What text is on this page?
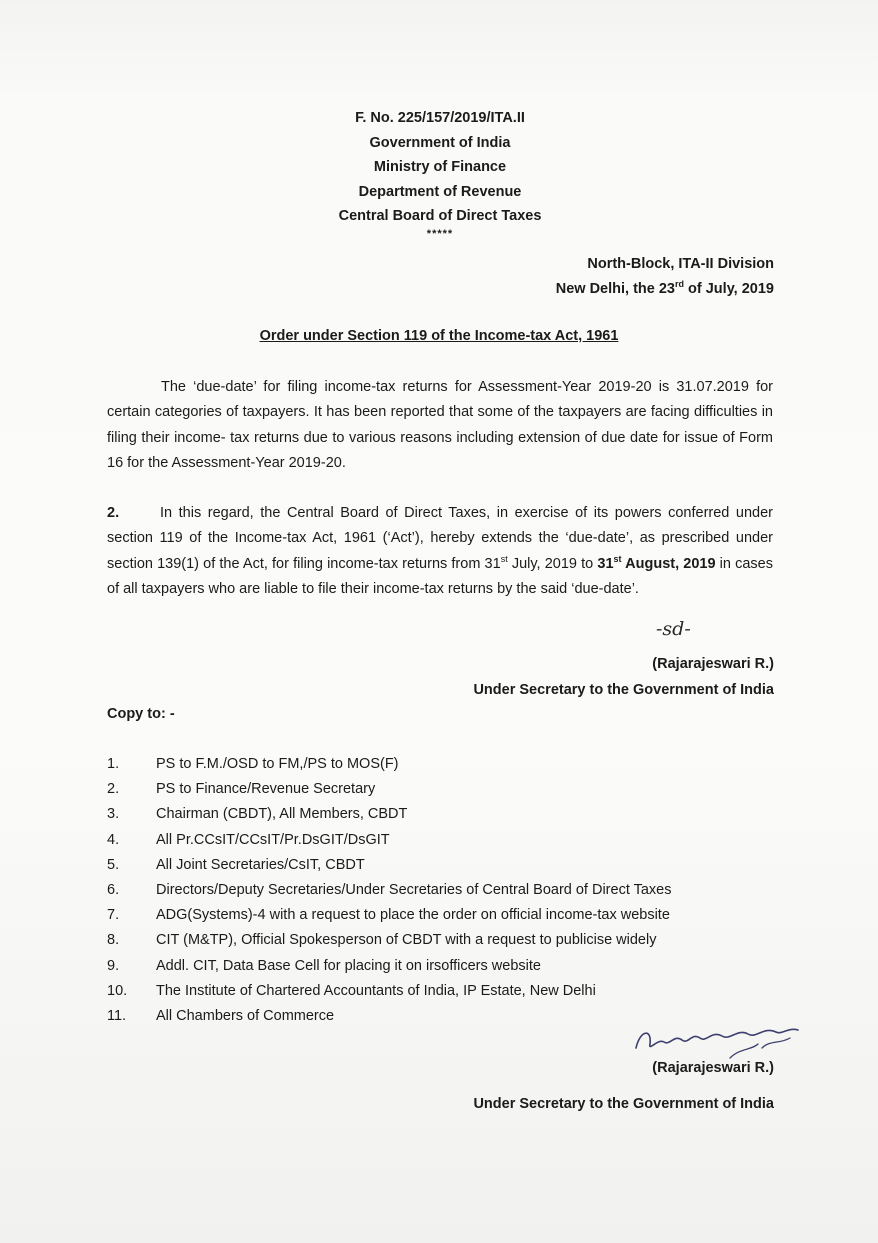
F. No. 225/157/2019/ITA.II
Government of India
Ministry of Finance
Department of Revenue
Central Board of Direct Taxes
*****
North-Block, ITA-II Division
New Delhi, the 23rd of July, 2019
Order under Section 119 of the Income-tax Act, 1961
The ‘due-date’ for filing income-tax returns for Assessment-Year 2019-20 is 31.07.2019 for certain categories of taxpayers. It has been reported that some of the taxpayers are facing difficulties in filing their income- tax returns due to various reasons including extension of due date for issue of Form 16 for the Assessment-Year 2019-20.
2.	In this regard, the Central Board of Direct Taxes, in exercise of its powers conferred under section 119 of the Income-tax Act, 1961 (‘Act’), hereby extends the ‘due-date’, as prescribed under section 139(1) of the Act, for filing income-tax returns from 31st July, 2019 to 31st August, 2019 in cases of all taxpayers who are liable to file their income-tax returns by the said ‘due-date’.
-sd-
(Rajarajeswari R.)
Under Secretary to the Government of India
Copy to: -
1.	PS to F.M./OSD to FM,/PS to MOS(F)
2.	PS to Finance/Revenue Secretary
3.	Chairman (CBDT), All Members, CBDT
4.	All Pr.CCsIT/CCsIT/Pr.DsGIT/DsGIT
5.	All Joint Secretaries/CsIT, CBDT
6.	Directors/Deputy Secretaries/Under Secretaries of Central Board of Direct Taxes
7.	ADG(Systems)-4 with a request to place the order on official income-tax website
8.	CIT (M&TP), Official Spokesperson of CBDT with a request to publicise widely
9.	Addl. CIT, Data Base Cell for placing it on irsofficers website
10.	The Institute of Chartered Accountants of India, IP Estate, New Delhi
11.	All Chambers of Commerce
(Rajarajeswari R.)
Under Secretary to the Government of India
